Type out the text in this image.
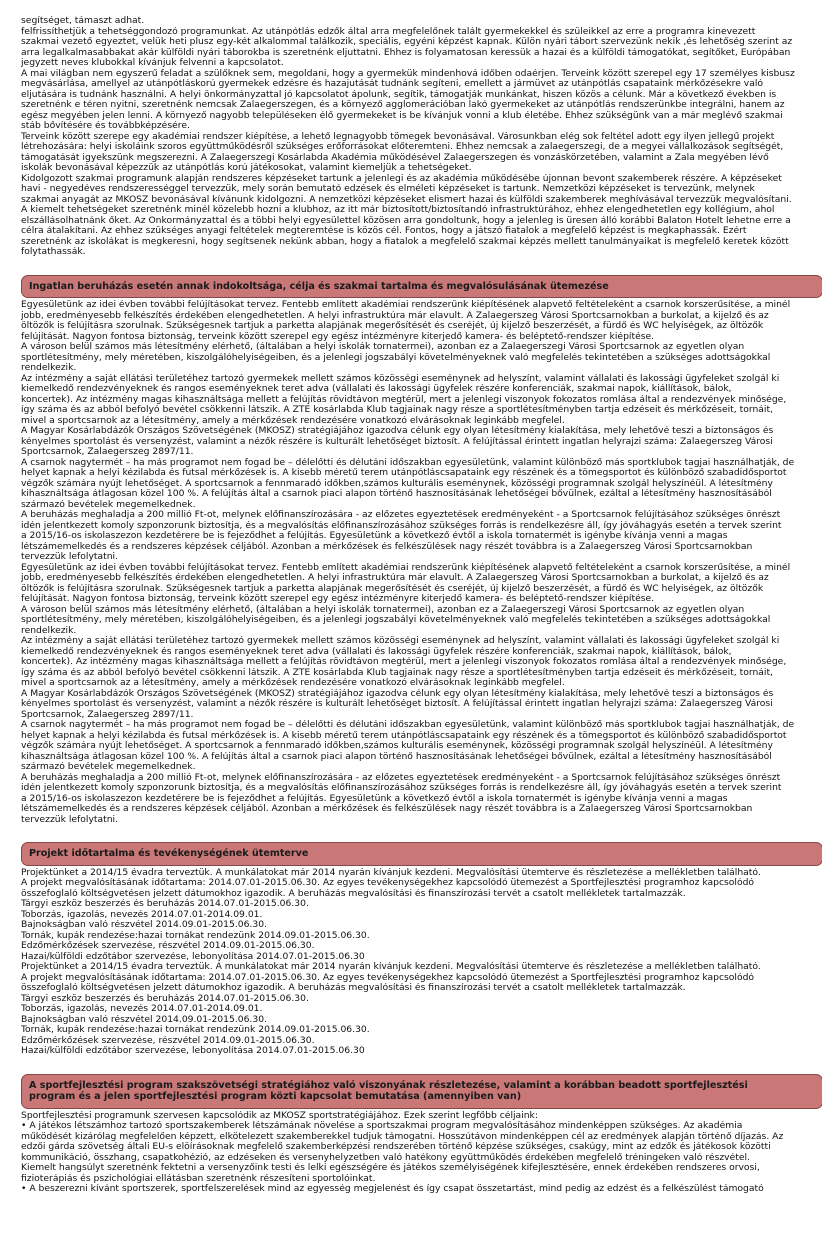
segítséget, támaszt adhat.

felfrissíthetjük a tehetséggondozó programunkat. Az utánpótlás edzők által arra megfelelőnek talált gyermekekkel és szüleikkel az erre a programra kinevezett

szakmai vezető egyeztet, velük heti plusz egy-két alkalommal találkozik, speciális, egyéni képzést kapnak. Külön nyári tábort szervezünk nekik ,és lehetőség szerint az

arra legalkalmasabbakat akár külföldi nyári táborokba is szeretnénk eljuttatni. Ehhez is folyamatosan keressük a hazai és a külföldi támogatókat, segítőket, Európában

jegyzett neves klubokkal kívánjuk felvenni a kapcsolatot.

A mai világban nem egyszerű feladat a szülőknek sem, megoldani, hogy a gyermekük mindenhová időben odaérjen. Terveink között szerepel egy 17 személyes kisbusz

megvásárlása, amellyel az utánpótláskorú gyermekek edzésre és hazajutását tudnánk segíteni, emellett a jármüvet az utánpótlás csapataink mérkőzésekre való

eljutására is tudnánk használni. A helyi önkormányzattal jó kapcsolatot ápolunk, segítik, támogatják munkánkat, hiszen közös a célunk. Már a következő években is

szeretnénk e téren nyitni, szeretnénk nemcsak Zalaegerszegen, és a környező agglomerációban lakó gyermekeket az utánpótlás rendszerünkbe integrálni, hanem az

egész megyében jelen lenni. A környező nagyobb településeken élő gyermekeket is be kívánjuk vonni a klub életébe. Ehhez szükségünk van a már meglévő szakmai

stáb bővítésére és továbbképzésére.

Terveink között szerepe egy akadémiai rendszer kiépítése, a lehető legnagyobb tömegek bevonásával. Városunkban elég sok feltétel adott egy ilyen jellegű projekt

létrehozására: helyi iskoláink szoros együttműködésről szükséges erőforrásokat előteremteni. Ehhez nemcsak a zalaegerszegi, de a megyei vállalkozások segítségét,

támogatását igyekszünk megszerezni. A Zalaegerszegi Kosárlabda Akadémia működésével Zalaegerszegen és vonzáskörzetében, valamint a Zala megyében lévő

iskolák bevonásával képezzük az utánpótlás korú játékosokat, valamint kiemeljük a tehetségeket.

Kidolgozott szakmai programunk alapján rendszeres képzéseket tartunk a jelenlegi és az akadémia működésébe újonnan bevont szakemberek részére. A képzéseket

havi - negyedéves rendszerességgel tervezzük, mely során bemutató edzések és elméleti képzéseket is tartunk. Nemzetközi képzéseket is tervezünk, melynek

szakmai anyagát az MKOSZ bevonásával kívánunk kidolgozni. A nemzetközi képzéseket elismert hazai és külföldi szakemberek meghívásával tervezzük megvalósítani.

A kiemelt tehetségeket szeretnénk minél közelebb hozni a klubhoz, az itt már biztosított/biztosítandó infrastruktúrához, ehhez elengedhetetlen egy kollégium, ahol

elszállásolhatnánk őket. Az Önkormányzattal és a többi helyi egyesülettel közösen arra gondoltunk, hogy a jelenleg is üresen álló korábbi Balaton Hotelt lehetne erre a

célra átalakítani. Az ehhez szükséges anyagi feltételek megteremtése is közös cél. Fontos, hogy a játszó fiatalok a megfelelő képzést is megkaphassák. Ezért

szeretnénk az iskolákat is megkeresni, hogy segítsenek nekünk abban, hogy a fiatalok a megfelelő szakmai képzés mellett tanulmányaikat is megfelelő keretek között

folytathassák.

Ingatlan beruházás esetén annak indokoltsága, célja és szakmai tartalma és megvalósulásának ütemezése

Egyesületünk az idei évben további felújításokat tervez. Fentebb említett akadémiai rendszerünk kiépítésének alapvető feltételeként a csarnok korszerűsítése, a minél

jobb, eredményesebb felkészítés érdekében elengedhetetlen. A helyi infrastruktúra már elavult. A Zalaegerszeg Városi Sportcsarnokban a burkolat, a kijelző és az

öltözők is felújításra szorulnak. Szükségesnek tartjuk a parketta alapjának megerősítését és cseréjét, új kijelző beszerzését, a fürdő és WC helyiségek, az öltözők

felújítását. Nagyon fontosa biztonság, terveink között szerepel egy egész intézményre kiterjedő kamera- és beléptető-rendszer kiépítése.

A városon belül számos más létesítmény elérhető, (általában a helyi iskolák tornatermei), azonban ez a Zalaegerszegi Városi Sportcsarnok az egyetlen olyan

sportlétesítmény, mely méretében, kiszolgálóhelyiségeiben, és a jelenlegi jogszabályi követelményeknek való megfelelés tekintetében a szükséges adottságokkal

rendelkezik.

Az intézmény a saját ellátási területéhez tartozó gyermekek mellett számos közösségi eseménynek ad helyszínt, valamint vállalati és lakossági ügyfeleket szolgál ki

kiemelkedő rendezvényeknek és rangos eseményeknek teret adva (vállalati és lakossági ügyfelek részére konferenciák, szakmai napok, kiállítások, bálok,

koncertek). Az intézmény magas kihasználtsága mellett a felújítás rövidtávon megtérül, mert a jelenlegi viszonyok fokozatos romlása által a rendezvények minősége,

így száma és az abból befolyó bevétel csökkenni látszik. A ZTE kosárlabda Klub tagjainak nagy része a sportlétesítményben tartja edzéseit és mérkőzéseit, tornáit,

mivel a sportcsarnok az a létesítmény, amely a mérkőzések rendezésére vonatkozó elvárásoknak leginkább megfelel.

A Magyar Kosárlabdázók Országos Szövetségének (MKOSZ) stratégiájához igazodva célunk egy olyan létesítmény kialakítása, mely lehetővé teszi a biztonságos és

kényelmes sportolást és versenyzést, valamint a nézők részére is kulturált lehetőséget biztosít. A felújítással érintett ingatlan helyrajzi száma: Zalaegerszeg Városi

Sportcsarnok, Zalaegerszeg 2897/11.

A csarnok nagytermét – ha más programot nem fogad be – délelőtti és délutáni időszakban egyesületünk, valamint különböző más sportklubok tagjai használhatják, de

helyet kapnak a helyi kézilabda és futsal mérkőzések is. A kisebb méretű terem utánpótláscsapataink egy részének és a tömegsportot és különböző szabadidősportot

végzők számára nyújt lehetőséget. A sportcsarnok a fennmaradó időkben,számos kulturális eseménynek, közösségi programnak szolgál helyszínéül. A létesítmény

kihasználtsága átlagosan közel 100 %. A felújítás által a csarnok piaci alapon történő hasznosításának lehetőségei bővülnek, ezáltal a létesítmény hasznosításából

származó bevételek megemelkednek.

A beruházás meghaladja a 200 millió Ft-ot, melynek előfinanszírozására - az előzetes egyeztetések eredményeként - a Sportcsarnok felújításához szükséges önrészt

idén jelentkezett komoly szponzorunk biztosítja, és a megvalósítás előfinanszírozásához szükséges forrás is rendelkezésre áll, így jóváhagyás esetén a tervek szerint

a 2015/16-os iskolaszezon kezdetérere be is fejeződhet a felújítás. Egyesületünk a következő évtől a iskola tornatermét is igénybe kívánja venni a magas

létszámemelkedés és a rendszeres képzések céljából. Azonban a mérkőzések és felkészülések nagy részét továbbra is a Zalaegerszeg Városi Sportcsarnokban

tervezzük lefolytatni.

Egyesületünk az idei évben további felújításokat tervez. Fentebb említett akadémiai rendszerünk kiépítésének alapvető feltételeként a csarnok korszerűsítése, a minél

jobb, eredményesebb felkészítés érdekében elengedhetetlen. A helyi infrastruktúra már elavult. A Zalaegerszeg Városi Sportcsarnokban a burkolat, a kijelző és az

öltözők is felújításra szorulnak. Szükségesnek tartjuk a parketta alapjának megerősítését és cseréjét, új kijelző beszerzését, a fürdő és WC helyiségek, az öltözők

felújítását. Nagyon fontosa biztonság, terveink között szerepel egy egész intézményre kiterjedő kamera- és beléptető-rendszer kiépítése.

A városon belül számos más létesítmény elérhető, (általában a helyi iskolák tornatermei), azonban ez a Zalaegerszegi Városi Sportcsarnok az egyetlen olyan

sportlétesítmény, mely méretében, kiszolgálóhelyiségeiben, és a jelenlegi jogszabályi követelményeknek való megfelelés tekintetében a szükséges adottságokkal

rendelkezik.

Az intézmény a saját ellátási területéhez tartozó gyermekek mellett számos közösségi eseménynek ad helyszínt, valamint vállalati és lakossági ügyfeleket szolgál ki

kiemelkedő rendezvényeknek és rangos eseményeknek teret adva (vállalati és lakossági ügyfelek részére konferenciák, szakmai napok, kiállítások, bálok,

koncertek). Az intézmény magas kihasználtsága mellett a felújítás rövidtávon megtérül, mert a jelenlegi viszonyok fokozatos romlása által a rendezvények minősége,

így száma és az abból befolyó bevétel csökkenni látszik. A ZTE kosárlabda Klub tagjainak nagy része a sportlétesítményben tartja edzéseit és mérkőzéseit, tornáit,

mivel a sportcsarnok az a létesítmény, amely a mérkőzések rendezésére vonatkozó elvárásoknak leginkább megfelel.

A Magyar Kosárlabdázók Országos Szövetségének (MKOSZ) stratégiájához igazodva célunk egy olyan létesítmény kialakítása, mely lehetővé teszi a biztonságos és

kényelmes sportolást és versenyzést, valamint a nézők részére is kulturált lehetőséget biztosít. A felújítással érintett ingatlan helyrajzi száma: Zalaegerszeg Városi

Sportcsarnok, Zalaegerszeg 2897/11.

A csarnok nagytermét – ha más programot nem fogad be – délelőtti és délutáni időszakban egyesületünk, valamint különböző más sportklubok tagjai használhatják, de

helyet kapnak a helyi kézilabda és futsal mérkőzések is. A kisebb méretű terem utánpótláscsapataink egy részének és a tömegsportot és különböző szabadidősportot

végzők számára nyújt lehetőséget. A sportcsarnok a fennmaradó időkben,számos kulturális eseménynek, közösségi programnak szolgál helyszínéül. A létesítmény

kihasználtsága átlagosan közel 100 %. A felújítás által a csarnok piaci alapon történő hasznosításának lehetőségei bővülnek, ezáltal a létesítmény hasznosításából

származó bevételek megemelkednek.

A beruházás meghaladja a 200 millió Ft-ot, melynek előfinanszírozására - az előzetes egyeztetések eredményeként - a Sportcsarnok felújításához szükséges önrészt

idén jelentkezett komoly szponzorunk biztosítja, és a megvalósítás előfinanszírozásához szükséges forrás is rendelkezésre áll, így jóváhagyás esetén a tervek szerint

a 2015/16-os iskolaszezon kezdetérere be is fejeződhet a felújítás. Egyesületünk a következő évtől a iskola tornatermét is igénybe kívánja venni a magas

létszámemelkedés és a rendszeres képzések céljából. Azonban a mérkőzések és felkészülések nagy részét továbbra is a Zalaegerszeg Városi Sportcsarnokban

tervezzük lefolytatni.

Projekt időtartalma és tevékenységének ütemterve

Projektünket a 2014/15 évadra terveztük. A munkálatokat már 2014 nyarán kívánjuk kezdeni. Megvalósítási ütemterve és részletezése a mellékletben található.

A projekt megvalósításának időtartama: 2014.07.01-2015.06.30. Az egyes tevékenységekhez kapcsolódó ütemezést a Sportfejlesztési programhoz kapcsolódó

összefoglaló költségvetésen jelzett dátumokhoz igazodik. A beruházás megvalósítási és finanszírozási tervét a csatolt mellékletek tartalmazzák.

Tárgyi eszköz beszerzés és beruházás 2014.07.01-2015.06.30.

Toborzás, igazolás, nevezés 2014.07.01-2014.09.01.

Bajnokságban való részvétel 2014.09.01-2015.06.30.

Tornák, kupák rendezése:hazai tornákat rendezünk 2014.09.01-2015.06.30.

Edzőmérkőzések szervezése, részvétel 2014.09.01-2015.06.30.

Hazai/külföldi edzőtábor szervezése, lebonyolítása 2014.07.01-2015.06.30

Projektünket a 2014/15 évadra terveztük. A munkálatokat már 2014 nyarán kívánjuk kezdeni. Megvalósítási ütemterve és részletezése a mellékletben található.

A projekt megvalósításának időtartama: 2014.07.01-2015.06.30. Az egyes tevékenységekhez kapcsolódó ütemezést a Sportfejlesztési programhoz kapcsolódó

összefoglaló költségvetésen jelzett dátumokhoz igazodik. A beruházás megvalósítási és finanszírozási tervét a csatolt mellékletek tartalmazzák.

Tárgyi eszköz beszerzés és beruházás 2014.07.01-2015.06.30.

Toborzás, igazolás, nevezés 2014.07.01-2014.09.01.

Bajnokságban való részvétel 2014.09.01-2015.06.30.

Tornák, kupák rendezése:hazai tornákat rendezünk 2014.09.01-2015.06.30.

Edzőmérkőzések szervezése, részvétel 2014.09.01-2015.06.30.

Hazai/külföldi edzőtábor szervezése, lebonyolítása 2014.07.01-2015.06.30

A sportfejlesztési program szakszövetségi stratégiához való viszonyának részletezése, valamint a korábban beadott sportfejlesztési
program és a jelen sportfejlesztési program közti kapcsolat bemutatása (amennyiben van)

Sportfejlesztési programunk szervesen kapcsolódik az MKOSZ sportstratégiájához. Ezek szerint legfőbb céljaink:

• A játékos létszámhoz tartozó sportszakemberek létszámának növelése a sportszakmai program megvalósításához mindenképpen szükséges. Az akadémia

működését kizárólag megfelelően képzett, elkötelezett szakemberekkel tudjuk támogatni. Hosszútávon mindenképpen cél az eredmények alapján történő díjazás. Az

edzői gárda szövetség általi EU-s elöírásoknak megfelelő szakemberképzési rendszerében történő képzése szükséges, csakúgy, mint az edzők és játékosok közötti

kommunikáció, összhang, csapatkohézió, az edzéseken és versenyhelyzetben való hatékony együttműködés érdekében megfelelő tréningeken való részvétel.

Kiemelt hangsúlyt szeretnénk fektetni a versenyzőink testi és lelki egészségére és játékos személyiségének kifejlesztésére, ennek érdekében rendszeres orvosi,

fizioterápiás és pszichológiai ellátásban szeretnénk részesíteni sportolóinkat.

• A beszerezni kívánt sportszerek, sportfelszerelések mind az egyesség megjelenést és így csapat összetartást, mind pedig az edzést és a felkészülést támogató
